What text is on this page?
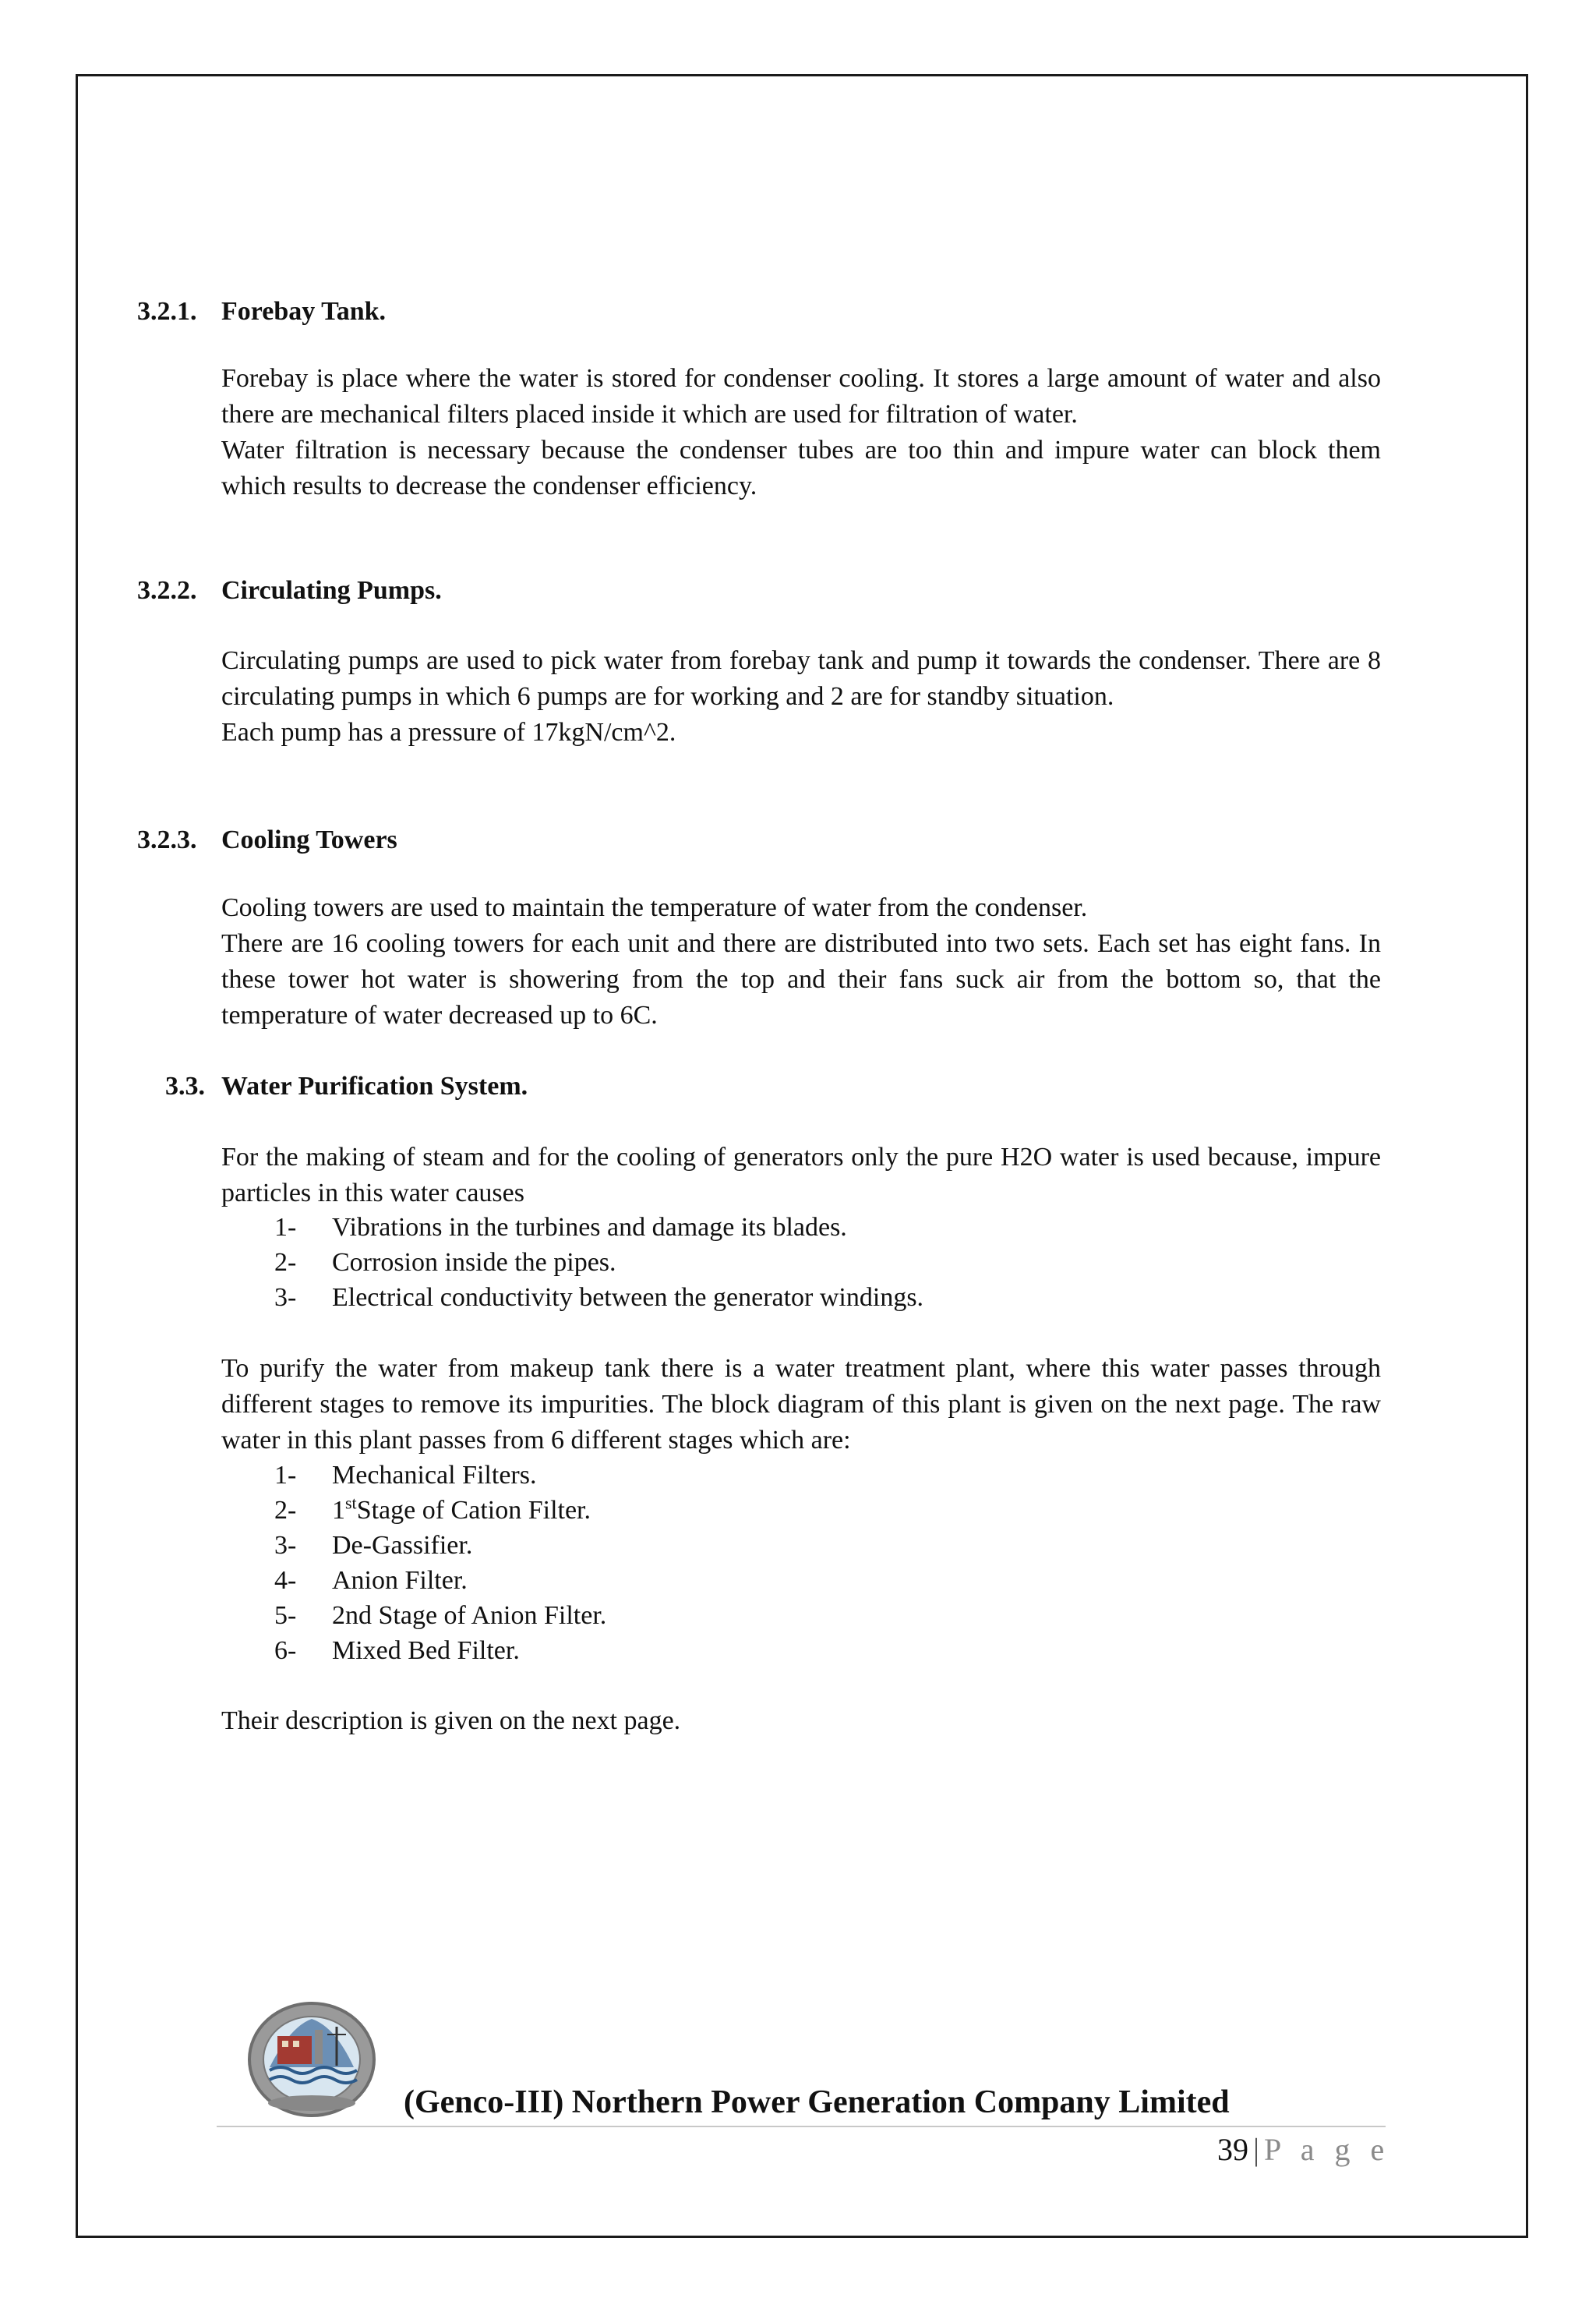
3.2.1. Forebay Tank.

Forebay is place where the water is stored for condenser cooling. It stores a large amount of water and also there are mechanical filters placed inside it which are used for filtration of water.

Water filtration is necessary because the condenser tubes are too thin and impure water can block them which results to decrease the condenser efficiency.

3.2.2. Circulating Pumps.

Circulating pumps are used to pick water from forebay tank and pump it towards the condenser. There are 8 circulating pumps in which 6 pumps are for working and 2 are for standby situation.

Each pump has a pressure of 17kgN/cm^2.

3.2.3. Cooling Towers

Cooling towers are used to maintain the temperature of water from the condenser.

There are 16 cooling towers for each unit and there are distributed into two sets. Each set has eight fans. In these tower hot water is showering from the top and their fans suck air from the bottom so, that the temperature of water decreased up to 6C.

3.3. Water Purification System.

For the making of steam and for the cooling of generators only the pure H2O water is used because, impure particles in this water causes

1- Vibrations in the turbines and damage its blades.
2- Corrosion inside the pipes.
3- Electrical conductivity between the generator windings.

To purify the water from makeup tank there is a water treatment plant, where this water passes through different stages to remove its impurities. The block diagram of this plant is given on the next page. The raw water in this plant passes from 6 different stages which are:

1- Mechanical Filters.
2- 1stStage of Cation Filter.
3- De-Gassifier.
4- Anion Filter.
5- 2nd Stage of Anion Filter.
6- Mixed Bed Filter.

Their description is given on the next page.

(Genco-III) Northern Power Generation Company Limited
39 | P a g e
